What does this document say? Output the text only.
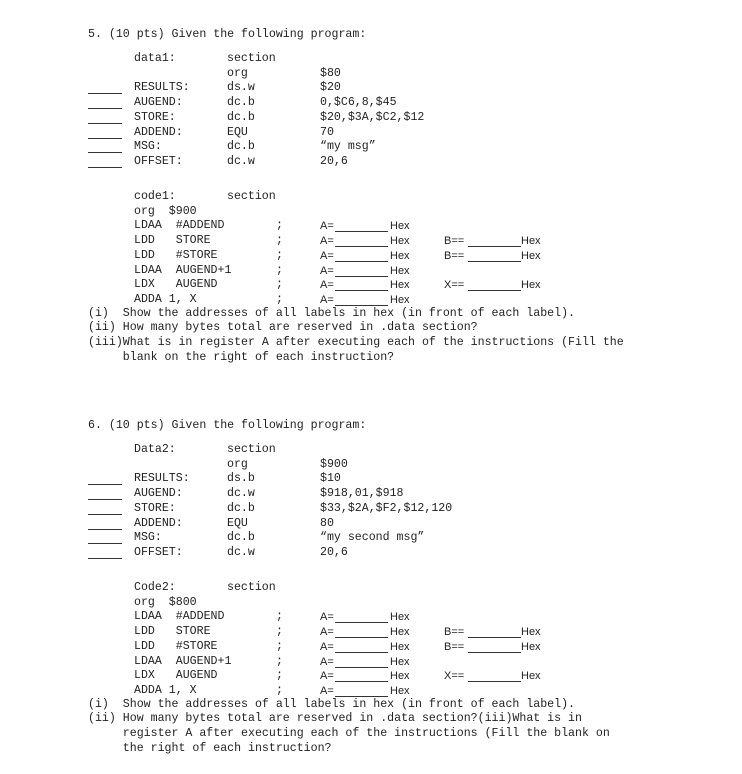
5. (10 pts) Given the following program:
data1:	section
org	$80
RESULTS:	ds.w	$20
AUGEND:	dc.b	0,$C6,8,$45
STORE:	dc.b	$20,$3A,$C2,$12
ADDEND:	EQU	70
MSG:	dc.b	“my msg”
OFFSET:	dc.w	20,6
code1:	section
org  $900
LDAA  #ADDEND	;	A=	Hex
LDD   STORE	;	A=	Hex	B==	Hex
LDD   #STORE	;	A=	Hex	B==	Hex
LDAA  AUGEND+1	;	A=	Hex
LDX   AUGEND	;	A=	Hex	X==	Hex
ADDA 1, X	;	A=	Hex
(i)  Show the addresses of all labels in hex (in front of each label).
(ii) How many bytes total are reserved in .data section?
(iii)What is in register A after executing each of the instructions (Fill the
blank on the right of each instruction?
6. (10 pts) Given the following program:
Data2:	section
org	$900
RESULTS:	ds.b	$10
AUGEND:	dc.w	$918,01,$918
STORE:	dc.b	$33,$2A,$F2,$12,120
ADDEND:	EQU	80
MSG:	dc.b	“my second msg”
OFFSET:	dc.w	20,6
Code2:	section
org  $800
LDAA  #ADDEND	;	A=	Hex
LDD   STORE	;	A=	Hex	B==	Hex
LDD   #STORE	;	A=	Hex	B==	Hex
LDAA  AUGEND+1	;	A=	Hex
LDX   AUGEND	;	A=	Hex	X==	Hex
ADDA 1, X	;	A=	Hex
(i)  Show the addresses of all labels in hex (in front of each label).
(ii) How many bytes total are reserved in .data section?(iii)What is in
register A after executing each of the instructions (Fill the blank on
the right of each instruction?
